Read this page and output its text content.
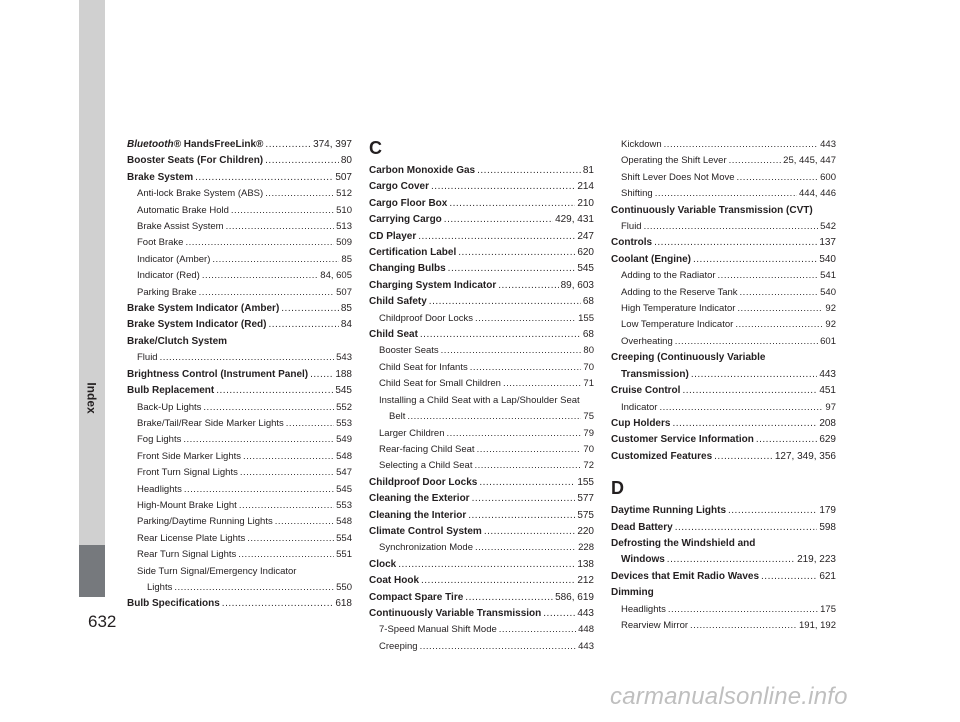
Index
Bluetooth® HandsFreeLink® .....	374, 397
Booster Seats (For Children) .....	80
Brake System .....	507
Anti-lock Brake System (ABS) .....	512
Automatic Brake Hold .....	510
Brake Assist System .....	513
Foot Brake .....	509
Indicator (Amber) .....	85
Indicator (Red) .....	84, 605
Parking Brake .....	507
Brake System Indicator (Amber) .....	85
Brake System Indicator (Red) .....	84
Brake/Clutch System
Fluid .....	543
Brightness Control (Instrument Panel) .....	188
Bulb Replacement .....	545
Back-Up Lights .....	552
Brake/Tail/Rear Side Marker Lights .....	553
Fog Lights .....	549
Front Side Marker Lights .....	548
Front Turn Signal Lights .....	547
Headlights .....	545
High-Mount Brake Light .....	553
Parking/Daytime Running Lights .....	548
Rear License Plate Lights .....	554
Rear Turn Signal Lights .....	551
Side Turn Signal/Emergency Indicator
Lights .....	550
Bulb Specifications .....	618
C
Carbon Monoxide Gas .....	81
Cargo Cover .....	214
Cargo Floor Box .....	210
Carrying Cargo .....	429, 431
CD Player .....	247
Certification Label .....	620
Changing Bulbs .....	545
Charging System Indicator .....	89, 603
Child Safety .....	68
Childproof Door Locks .....	155
Child Seat .....	68
Booster Seats .....	80
Child Seat for Infants .....	70
Child Seat for Small Children .....	71
Installing a Child Seat with a Lap/Shoulder Seat
Belt .....	75
Larger Children .....	79
Rear-facing Child Seat .....	70
Selecting a Child Seat .....	72
Childproof Door Locks .....	155
Cleaning the Exterior .....	577
Cleaning the Interior .....	575
Climate Control System .....	220
Synchronization Mode .....	228
Clock .....	138
Coat Hook .....	212
Compact Spare Tire .....	586, 619
Continuously Variable Transmission .....	443
7-Speed Manual Shift Mode .....	448
Creeping .....	443
Kickdown .....	443
Operating the Shift Lever .....	25, 445, 447
Shift Lever Does Not Move .....	600
Shifting .....	444, 446
Continuously Variable Transmission (CVT)
Fluid .....	542
Controls .....	137
Coolant (Engine) .....	540
Adding to the Radiator .....	541
Adding to the Reserve Tank .....	540
High Temperature Indicator .....	92
Low Temperature Indicator .....	92
Overheating .....	601
Creeping (Continuously Variable
Transmission) .....	443
Cruise Control .....	451
Indicator .....	97
Cup Holders .....	208
Customer Service Information .....	629
Customized Features .....	127, 349, 356
D
Daytime Running Lights .....	179
Dead Battery .....	598
Defrosting the Windshield and
Windows .....	219, 223
Devices that Emit Radio Waves .....	621
Dimming
Headlights .....	175
Rearview Mirror .....	191, 192
632
carmanualsonline.info
